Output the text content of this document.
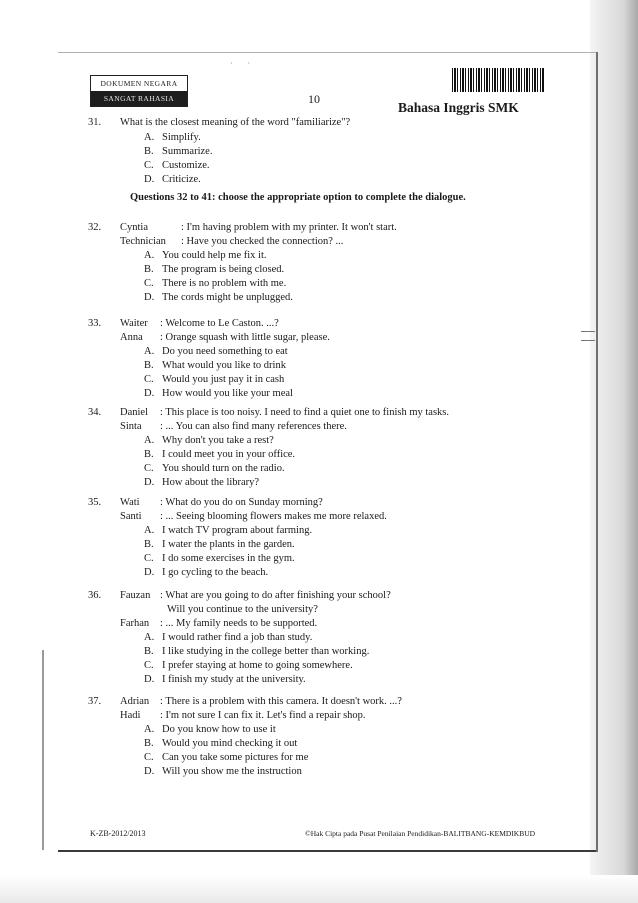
· ·
DOKUMEN NEGARA
SANGAT RAHASIA	10
Bahasa Inggris SMK
31.	What is the closest meaning of the word "familiarize"?
A. Simplify.
B. Summarize.
C. Customize.
D. Criticize.
Questions 32 to 41: choose the appropriate option to complete the dialogue.
32.	Cyntia	: I'm having problem with my printer. It won't start.
Technician : Have you checked the connection? ...
A. You could help me fix it.
B. The program is being closed.
C. There is no problem with me.
D. The cords might be unplugged.
33.	Waiter : Welcome to Le Caston. ...?
Anna : Orange squash with little sugar, please.
A. Do you need something to eat
B. What would you like to drink
C. Would you just pay it in cash
D. How would you like your meal
34.	Daniel : This place is too noisy. I need to find a quiet one to finish my tasks.
Sinta : ... You can also find many references there.
A. Why don't you take a rest?
B. I could meet you in your office.
C. You should turn on the radio.
D. How about the library?
35.	Wati : What do you do on Sunday morning?
Santi : ... Seeing blooming flowers makes me more relaxed.
A. I watch TV program about farming.
B. I water the plants in the garden.
C. I do some exercises in the gym.
D. I go cycling to the beach.
36.	Fauzan : What are you going to do after finishing your school?
Will you continue to the university?
Farhan : ... My family needs to be supported.
A. I would rather find a job than study.
B. I like studying in the college better than working.
C. I prefer staying at home to going somewhere.
D. I finish my study at the university.
37.	Adrian : There is a problem with this camera. It doesn't work. ...?
Hadi : I'm not sure I can fix it. Let's find a repair shop.
A. Do you know how to use it
B. Would you mind checking it out
C. Can you take some pictures for me
D. Will you show me the instruction
K-ZB-2012/2013	©Hak Cipta pada Pusat Penilaian Pendidikan-BALITBANG-KEMDIKBUD
